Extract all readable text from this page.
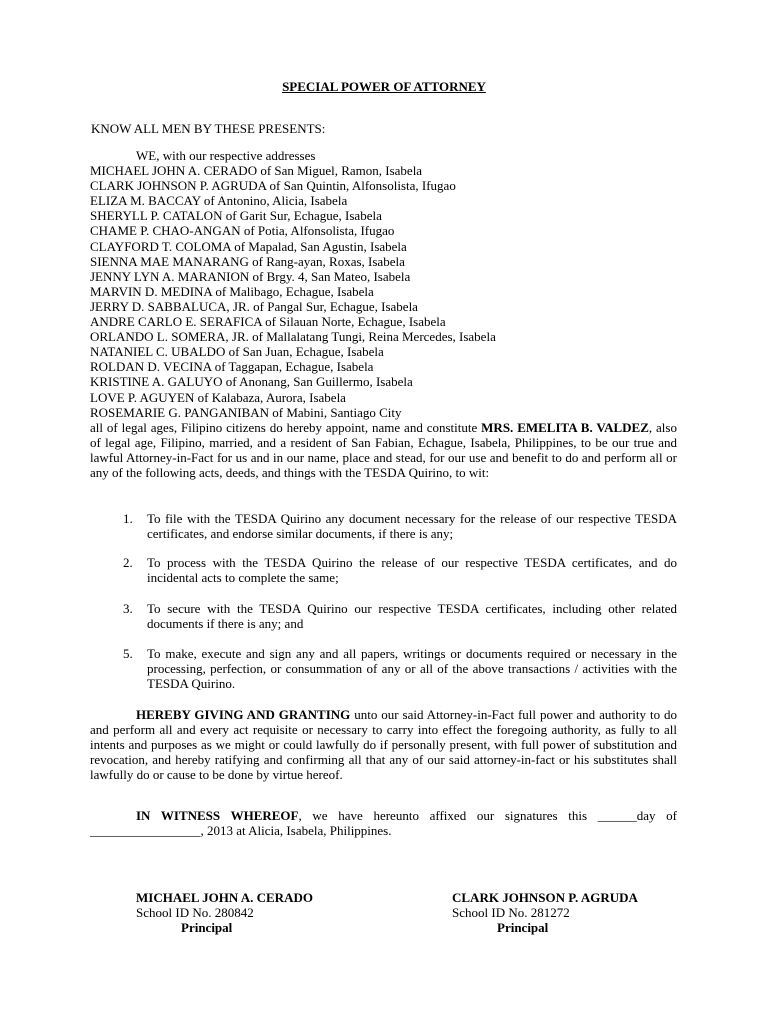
SPECIAL POWER OF ATTORNEY
KNOW ALL MEN BY THESE PRESENTS:
WE, with our respective addresses
MICHAEL JOHN A. CERADO of San Miguel, Ramon, Isabela
CLARK JOHNSON P. AGRUDA of San Quintin, Alfonsolista, Ifugao
ELIZA M. BACCAY of Antonino, Alicia, Isabela
SHERYLL P. CATALON of Garit Sur, Echague, Isabela
CHAME P. CHAO-ANGAN of Potia, Alfonsolista, Ifugao
CLAYFORD T. COLOMA of Mapalad, San Agustin, Isabela
SIENNA MAE MANARANG of Rang-ayan, Roxas, Isabela
JENNY LYN A. MARANION of Brgy. 4, San Mateo, Isabela
MARVIN D. MEDINA of Malibago, Echague, Isabela
JERRY D. SABBALUCA, JR. of Pangal Sur, Echague, Isabela
ANDRE CARLO E. SERAFICA of Silauan Norte, Echague, Isabela
ORLANDO L. SOMERA, JR. of Mallalatang Tungi, Reina Mercedes, Isabela
NATANIEL C. UBALDO of San Juan, Echague, Isabela
ROLDAN D. VECINA of Taggapan, Echague, Isabela
KRISTINE A. GALUYO of Anonang, San Guillermo, Isabela
LOVE P. AGUYEN of Kalabaza, Aurora, Isabela
ROSEMARIE G. PANGANIBAN of Mabini, Santiago City
all of legal ages, Filipino citizens do hereby appoint, name and constitute MRS. EMELITA B. VALDEZ, also of legal age, Filipino, married, and a resident of San Fabian, Echague, Isabela, Philippines, to be our true and lawful Attorney-in-Fact for us and in our name, place and stead, for our use and benefit to do and perform all or any of the following acts, deeds, and things with the TESDA Quirino, to wit:
1. To file with the TESDA Quirino any document necessary for the release of our respective TESDA certificates, and endorse similar documents, if there is any;
2. To process with the TESDA Quirino the release of our respective TESDA certificates, and do incidental acts to complete the same;
3. To secure with the TESDA Quirino our respective TESDA certificates, including other related documents if there is any; and
5. To make, execute and sign any and all papers, writings or documents required or necessary in the processing, perfection, or consummation of any or all of the above transactions / activities with the TESDA Quirino.
HEREBY GIVING AND GRANTING unto our said Attorney-in-Fact full power and authority to do and perform all and every act requisite or necessary to carry into effect the foregoing authority, as fully to all intents and purposes as we might or could lawfully do if personally present, with full power of substitution and revocation, and hereby ratifying and confirming all that any of our said attorney-in-fact or his substitutes shall lawfully do or cause to be done by virtue hereof.
IN WITNESS WHEREOF, we have hereunto affixed our signatures this ______day of _________________, 2013 at Alicia, Isabela, Philippines.
MICHAEL JOHN A. CERADO
School ID No. 280842
Principal
CLARK JOHNSON P. AGRUDA
School ID No. 281272
Principal
